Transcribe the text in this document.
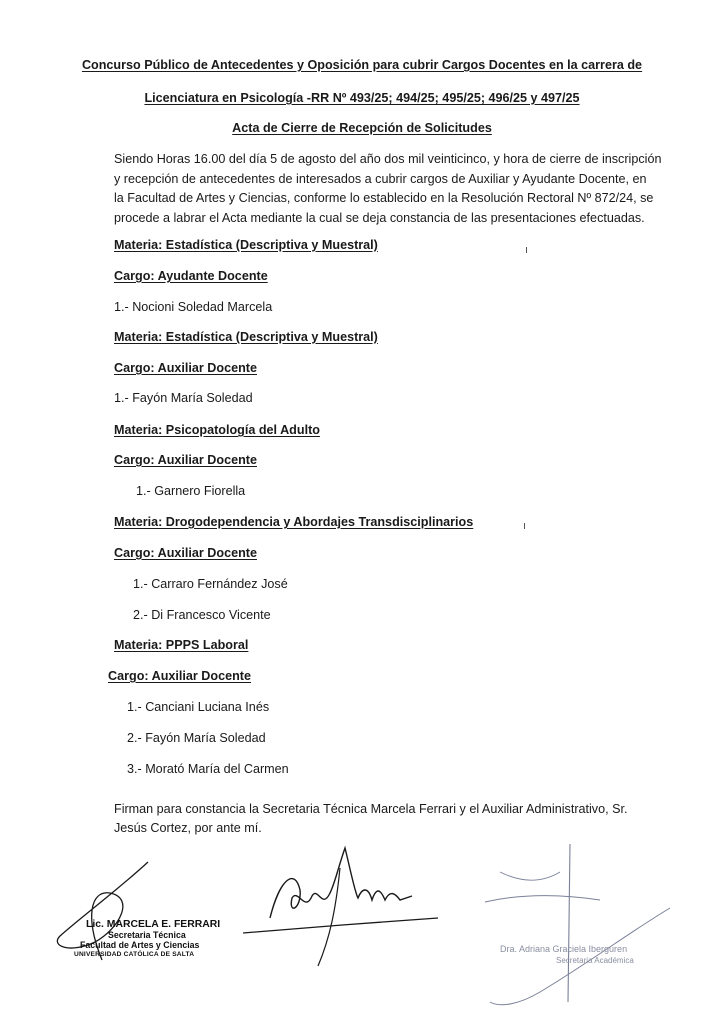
Concurso Público de Antecedentes y Oposición para cubrir Cargos Docentes en la carrera de
Licenciatura en Psicología -RR Nº 493/25; 494/25; 495/25; 496/25 y 497/25
Acta de Cierre de Recepción de Solicitudes
Siendo Horas 16.00 del día 5 de agosto del año dos mil veinticinco, y hora de cierre de inscripción
y recepción de antecedentes de interesados a cubrir cargos de Auxiliar y Ayudante Docente, en
la Facultad de Artes y Ciencias, conforme lo establecido en la Resolución Rectoral Nº 872/24, se
procede a labrar el Acta mediante la cual se deja constancia de las presentaciones efectuadas.
Materia: Estadística (Descriptiva y Muestral)
Cargo: Ayudante Docente
1.- Nocioni Soledad Marcela
Materia: Estadística (Descriptiva y Muestral)
Cargo: Auxiliar Docente
1.- Fayón María Soledad
Materia: Psicopatología del Adulto
Cargo: Auxiliar Docente
1.- Garnero Fiorella
Materia: Drogodependencia y Abordajes Transdisciplinarios
Cargo: Auxiliar Docente
1.- Carraro Fernández José
2.- Di Francesco Vicente
Materia: PPPS Laboral
Cargo: Auxiliar Docente
1.- Canciani Luciana Inés
2.- Fayón María Soledad
3.- Morató María del Carmen
Firman para constancia la Secretaria Técnica Marcela Ferrari y el Auxiliar Administrativo, Sr.
Jesús Cortez, por ante mí.
Lic. MARCELA E. FERRARI
Secretaria Técnica
Facultad de Artes y Ciencias
UNIVERSIDAD CATÓLICA DE SALTA
Dra. Adriana Graciela Iberguren
Secretaria Académica
